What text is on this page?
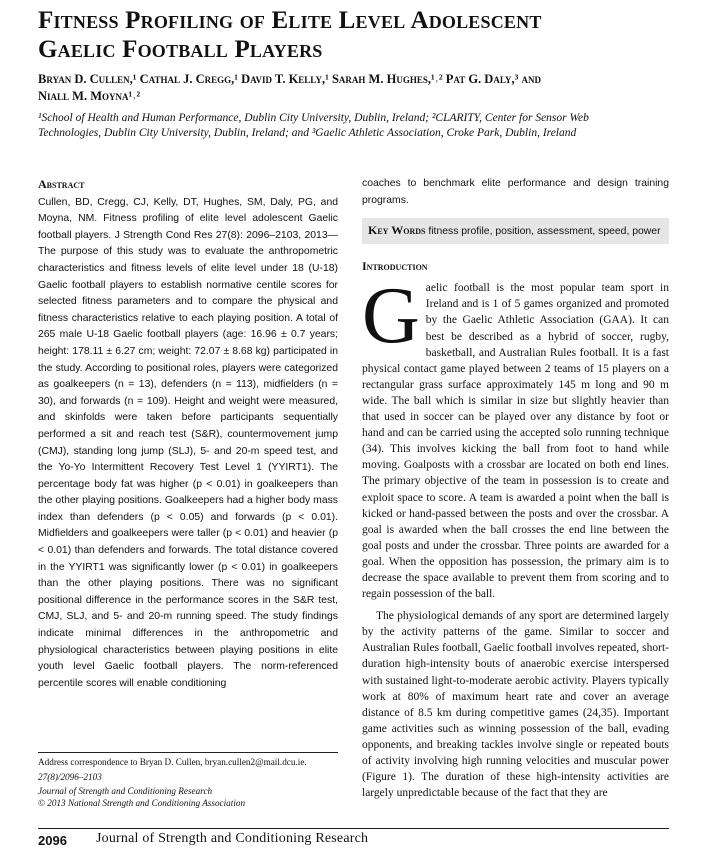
Fitness Profiling of Elite Level Adolescent
Gaelic Football Players
Bryan D. Cullen,¹ Cathal J. Cregg,¹ David T. Kelly,¹ Sarah M. Hughes,¹˒² Pat G. Daly,³ and
Niall M. Moyna¹˒²
¹School of Health and Human Performance, Dublin City University, Dublin, Ireland; ²CLARITY, Center for Sensor Web
Technologies, Dublin City University, Dublin, Ireland; and ³Gaelic Athletic Association, Croke Park, Dublin, Ireland
Abstract

Cullen, BD, Cregg, CJ, Kelly, DT, Hughes, SM, Daly, PG, and Moyna, NM. Fitness profiling of elite level adolescent Gaelic football players. J Strength Cond Res 27(8): 2096–2103, 2013—The purpose of this study was to evaluate the anthropometric characteristics and fitness levels of elite level under 18 (U-18) Gaelic football players to establish normative centile scores for selected fitness parameters and to compare the physical and fitness characteristics relative to each playing position. A total of 265 male U-18 Gaelic football players (age: 16.96 ± 0.7 years; height: 178.11 ± 6.27 cm; weight: 72.07 ± 8.68 kg) participated in the study. According to positional roles, players were categorized as goalkeepers (n = 13), defenders (n = 113), midfielders (n = 30), and forwards (n = 109). Height and weight were measured, and skinfolds were taken before participants sequentially performed a sit and reach test (S&R), countermovement jump (CMJ), standing long jump (SLJ), 5- and 20-m speed test, and the Yo-Yo Intermittent Recovery Test Level 1 (YYIRT1). The percentage body fat was higher (p < 0.01) in goalkeepers than the other playing positions. Goalkeepers had a higher body mass index than defenders (p < 0.05) and forwards (p < 0.01). Midfielders and goalkeepers were taller (p < 0.01) and heavier (p < 0.01) than defenders and forwards. The total distance covered in the YYIRT1 was significantly lower (p < 0.01) in goalkeepers than the other playing positions. There was no significant positional difference in the performance scores in the S&R test, CMJ, SLJ, and 5- and 20-m running speed. The study findings indicate minimal differences in the anthropometric and physiological characteristics between playing positions in elite youth level Gaelic football players. The norm-referenced percentile scores will enable conditioning

coaches to benchmark elite performance and design training programs.

Key Words fitness profile, position, assessment, speed, power
Introduction

Gaelic football is the most popular team sport in Ireland and is 1 of 5 games organized and promoted by the Gaelic Athletic Association (GAA). It can best be described as a hybrid of soccer, rugby, basketball, and Australian Rules football. It is a fast physical contact game played between 2 teams of 15 players on a rectangular grass surface approximately 145 m long and 90 m wide. The ball which is similar in size but slightly heavier than that used in soccer can be played over any distance by foot or hand and can be carried using the accepted solo running technique (34). This involves kicking the ball from foot to hand while moving. Goalposts with a crossbar are located on both end lines. The primary objective of the team in possession is to create and exploit space to score. A team is awarded a point when the ball is kicked or hand-passed between the posts and over the crossbar. A goal is awarded when the ball crosses the end line between the goal posts and under the crossbar. Three points are awarded for a goal. When the opposition has possession, the primary aim is to decrease the space available to prevent them from scoring and to regain possession of the ball.

The physiological demands of any sport are determined largely by the activity patterns of the game. Similar to soccer and Australian Rules football, Gaelic football involves repeated, short-duration high-intensity bouts of anaerobic exercise interspersed with sustained light-to-moderate aerobic activity. Players typically work at 80% of maximum heart rate and cover an average distance of 8.5 km during competitive games (24,35). Important game activities such as winning possession of the ball, evading opponents, and breaking tackles involve single or repeated bouts of activity involving high running velocities and muscular power (Figure 1). The duration of these high-intensity activities are largely unpredictable because of the fact that they are

Address correspondence to Bryan D. Cullen, bryan.cullen2@mail.dcu.ie.
27(8)/2096–2103
Journal of Strength and Conditioning Research
© 2013 National Strength and Conditioning Association
2096 Journal of Strength and Conditioning Research
